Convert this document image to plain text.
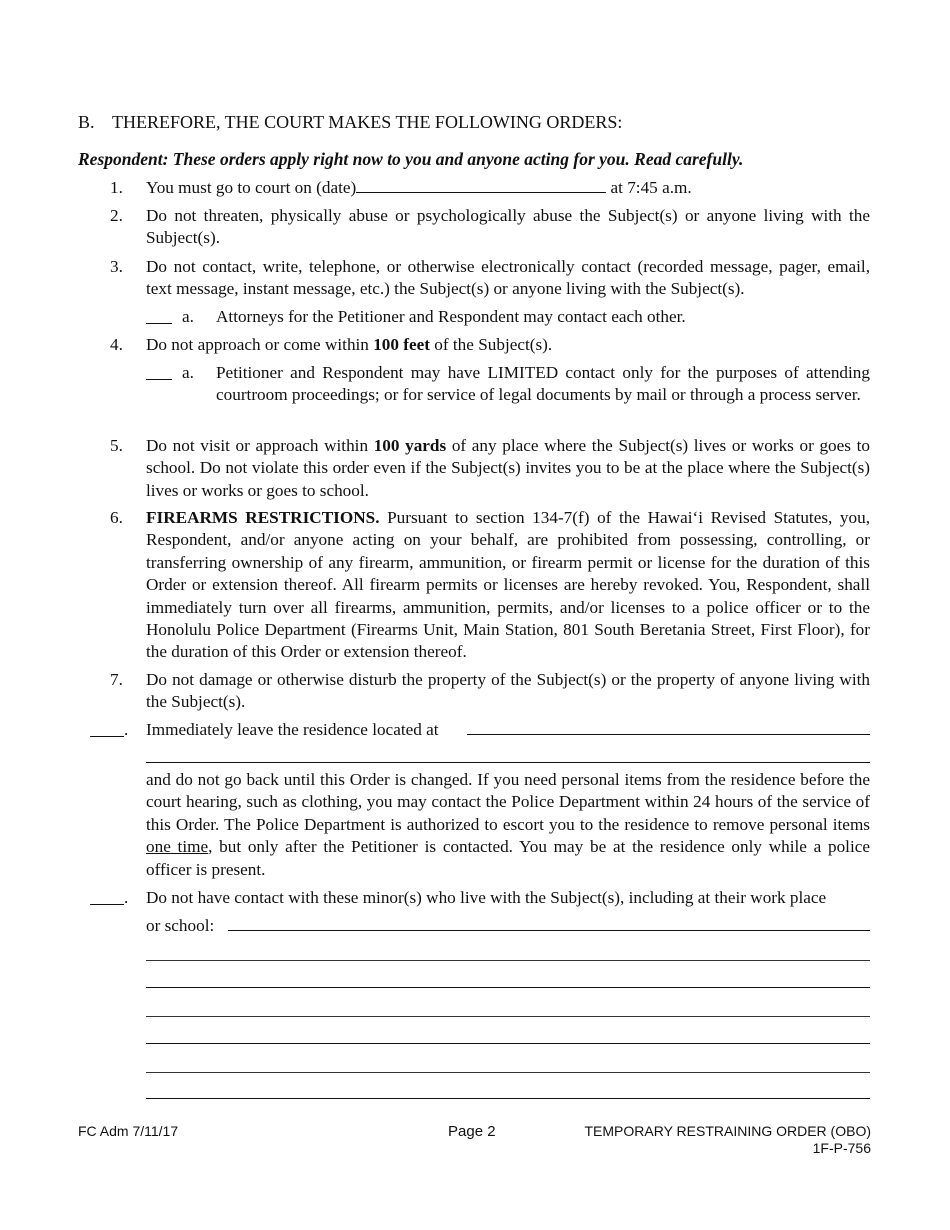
B. THEREFORE, THE COURT MAKES THE FOLLOWING ORDERS:
Respondent: These orders apply right now to you and anyone acting for you. Read carefully.
1. You must go to court on (date)	at 7:45 a.m.
2. Do not threaten, physically abuse or psychologically abuse the Subject(s) or anyone living with the Subject(s).
3. Do not contact, write, telephone, or otherwise electronically contact (recorded message, pager, email, text message, instant message, etc.) the Subject(s) or anyone living with the Subject(s).
a. Attorneys for the Petitioner and Respondent may contact each other.
4. Do not approach or come within 100 feet of the Subject(s).
a. Petitioner and Respondent may have LIMITED contact only for the purposes of attending courtroom proceedings; or for service of legal documents by mail or through a process server.
5. Do not visit or approach within 100 yards of any place where the Subject(s) lives or works or goes to school. Do not violate this order even if the Subject(s) invites you to be at the place where the Subject(s) lives or works or goes to school.
6. FIREARMS RESTRICTIONS. Pursuant to section 134-7(f) of the Hawai‘i Revised Statutes, you, Respondent, and/or anyone acting on your behalf, are prohibited from possessing, controlling, or transferring ownership of any firearm, ammunition, or firearm permit or license for the duration of this Order or extension thereof. All firearm permits or licenses are hereby revoked. You, Respondent, shall immediately turn over all firearms, ammunition, permits, and/or licenses to a police officer or to the Honolulu Police Department (Firearms Unit, Main Station, 801 South Beretania Street, First Floor), for the duration of this Order or extension thereof.
7. Do not damage or otherwise disturb the property of the Subject(s) or the property of anyone living with the Subject(s).
. Immediately leave the residence located at
and do not go back until this Order is changed. If you need personal items from the residence before the court hearing, such as clothing, you may contact the Police Department within 24 hours of the service of this Order. The Police Department is authorized to escort you to the residence to remove personal items one time, but only after the Petitioner is contacted. You may be at the residence only while a police officer is present.
. Do not have contact with these minor(s) who live with the Subject(s), including at their work place
or school:
FC Adm 7/11/17	Page 2	TEMPORARY RESTRAINING ORDER (OBO)
1F-P-756
